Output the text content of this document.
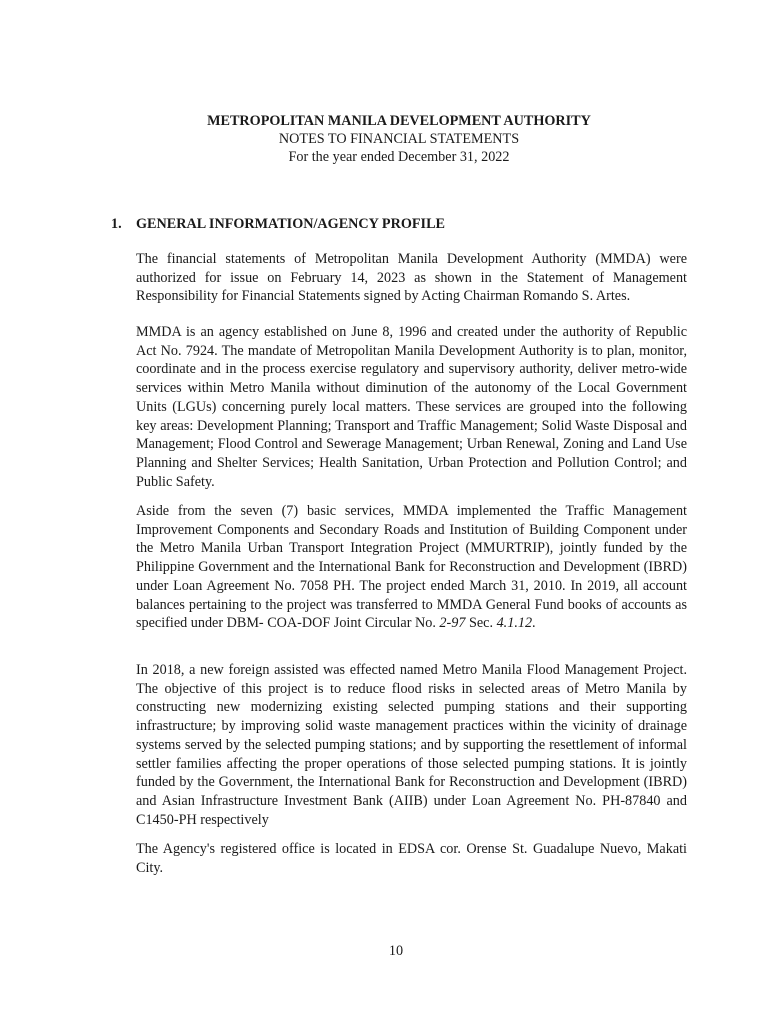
METROPOLITAN MANILA DEVELOPMENT AUTHORITY
NOTES TO FINANCIAL STATEMENTS
For the year ended December 31, 2022
1. GENERAL INFORMATION/AGENCY PROFILE

The financial statements of Metropolitan Manila Development Authority (MMDA) were authorized for issue on February 14, 2023 as shown in the Statement of Management Responsibility for Financial Statements signed by Acting Chairman Romando S. Artes.

MMDA is an agency established on June 8, 1996 and created under the authority of Republic Act No. 7924. The mandate of Metropolitan Manila Development Authority is to plan, monitor, coordinate and in the process exercise regulatory and supervisory authority, deliver metro-wide services within Metro Manila without diminution of the autonomy of the Local Government Units (LGUs) concerning purely local matters. These services are grouped into the following key areas: Development Planning; Transport and Traffic Management; Solid Waste Disposal and Management; Flood Control and Sewerage Management; Urban Renewal, Zoning and Land Use Planning and Shelter Services; Health Sanitation, Urban Protection and Pollution Control; and Public Safety.

Aside from the seven (7) basic services, MMDA implemented the Traffic Management Improvement Components and Secondary Roads and Institution of Building Component under the Metro Manila Urban Transport Integration Project (MMURTRIP), jointly funded by the Philippine Government and the International Bank for Reconstruction and Development (IBRD) under Loan Agreement No. 7058 PH. The project ended March 31, 2010. In 2019, all account balances pertaining to the project was transferred to MMDA General Fund books of accounts as specified under DBM- COA-DOF Joint Circular No. 2-97 Sec. 4.1.12.

In 2018, a new foreign assisted was effected named Metro Manila Flood Management Project. The objective of this project is to reduce flood risks in selected areas of Metro Manila by constructing new modernizing existing selected pumping stations and their supporting infrastructure; by improving solid waste management practices within the vicinity of drainage systems served by the selected pumping stations; and by supporting the resettlement of informal settler families affecting the proper operations of those selected pumping stations. It is jointly funded by the Government, the International Bank for Reconstruction and Development (IBRD) and Asian Infrastructure Investment Bank (AIIB) under Loan Agreement No. PH-87840 and C1450-PH respectively

The Agency's registered office is located in EDSA cor. Orense St. Guadalupe Nuevo, Makati City.

10
